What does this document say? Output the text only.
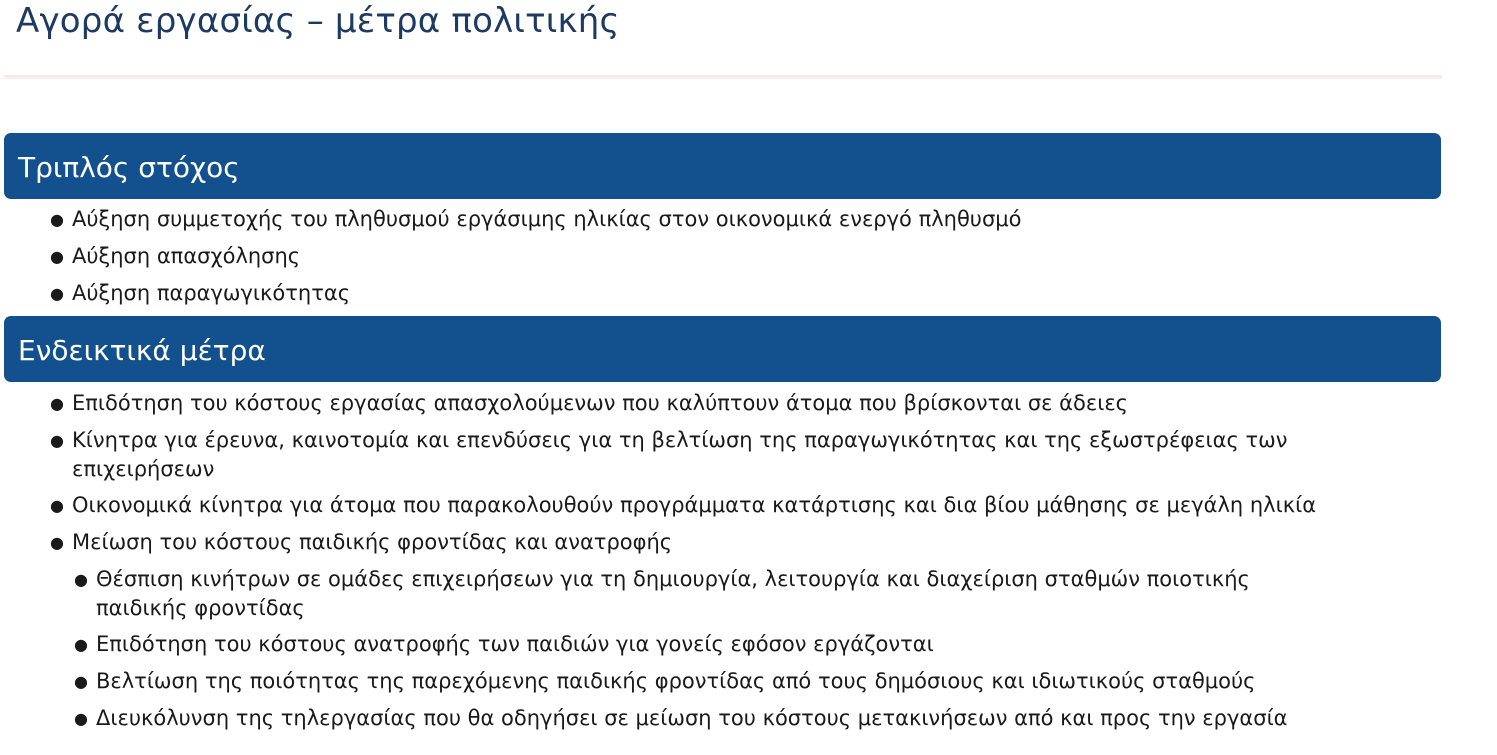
Αγορά εργασίας – μέτρα πολιτικής
Τριπλός στόχος
● Αύξηση συμμετοχής του πληθυσμού εργάσιμης ηλικίας στον οικονομικά ενεργό πληθυσμό
● Αύξηση απασχόλησης
● Αύξηση παραγωγικότητας
Ενδεικτικά μέτρα
● Επιδότηση του κόστους εργασίας απασχολούμενων που καλύπτουν άτομα που βρίσκονται σε άδειες
● Κίνητρα για έρευνα, καινοτομία και επενδύσεις για τη βελτίωση της παραγωγικότητας και της εξωστρέφειας των
επιχειρήσεων
● Οικονομικά κίνητρα για άτομα που παρακολουθούν προγράμματα κατάρτισης και δια βίου μάθησης σε μεγάλη ηλικία
● Μείωση του κόστους παιδικής φροντίδας και ανατροφής
● Θέσπιση κινήτρων σε ομάδες επιχειρήσεων για τη δημιουργία, λειτουργία και διαχείριση σταθμών ποιοτικής
παιδικής φροντίδας
● Επιδότηση του κόστους ανατροφής των παιδιών για γονείς εφόσον εργάζονται
● Βελτίωση της ποιότητας της παρεχόμενης παιδικής φροντίδας από τους δημόσιους και ιδιωτικούς σταθμούς
● Διευκόλυνση της τηλεργασίας που θα οδηγήσει σε μείωση του κόστους μετακινήσεων από και προς την εργασία
